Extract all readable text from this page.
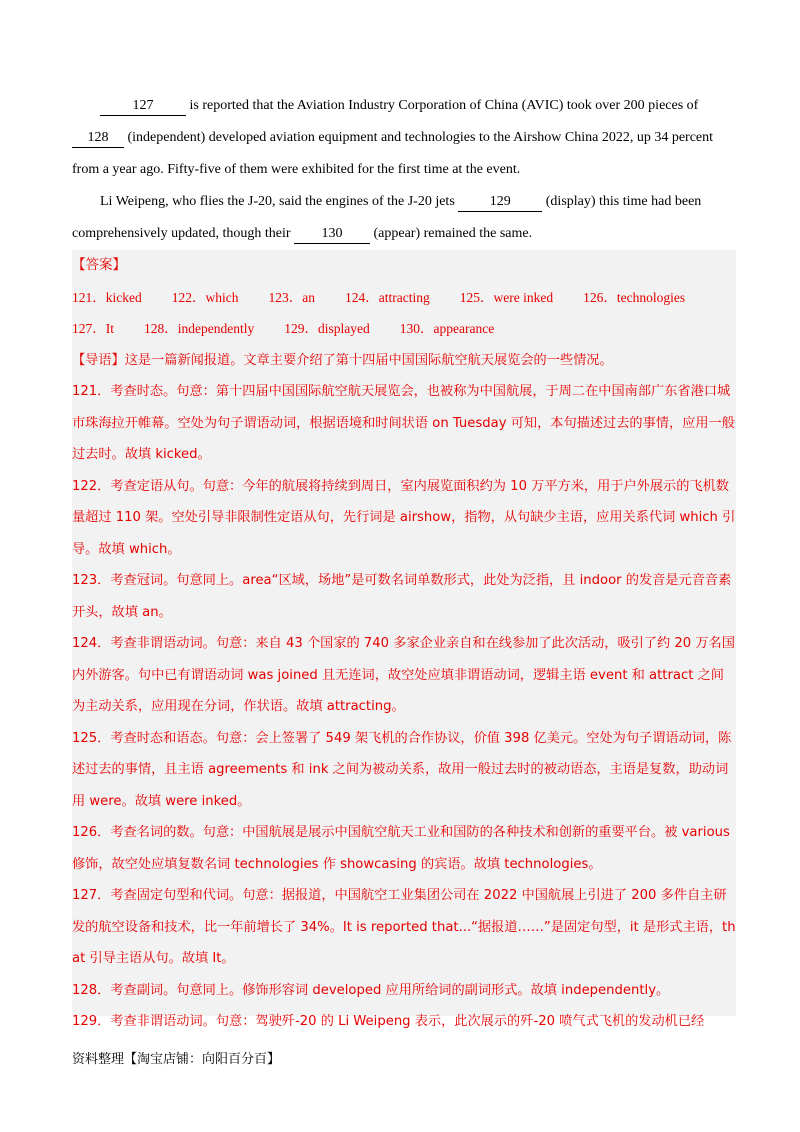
127 is reported that the Aviation Industry Corporation of China (AVIC) took over 200 pieces of 128 (independent) developed aviation equipment and technologies to the Airshow China 2022, up 34 percent from a year ago. Fifty-five of them were exhibited for the first time at the event.

Li Weipeng, who flies the J-20, said the engines of the J-20 jets 129 (display) this time had been comprehensively updated, though their 130 (appear) remained the same.

【答案】

121．kicked 122．which 123．an 124．attracting 125．were inked 126．technologies

127．It 128．independently 129．displayed 130．appearance

【导语】这是一篇新闻报道。文章主要介绍了第十四届中国国际航空航天展览会的一些情况。

121．考查时态。句意：第十四届中国国际航空航天展览会，也被称为中国航展，于周二在中国南部广东省港口城市珠海拉开帷幕。空处为句子谓语动词，根据语境和时间状语 on Tuesday 可知，本句描述过去的事情，应用一般过去时。故填 kicked。

122．考查定语从句。句意：今年的航展将持续到周日，室内展览面积约为 10 万平方米，用于户外展示的飞机数量超过 110 架。空处引导非限制性定语从句，先行词是 airshow，指物，从句缺少主语，应用关系代词 which 引导。故填 which。

123．考查冠词。句意同上。area“区域，场地”是可数名词单数形式，此处为泛指，且 indoor 的发音是元音音素开头，故填 an。

124．考查非谓语动词。句意：来自 43 个国家的 740 多家企业亲自和在线参加了此次活动，吸引了约 20 万名国内外游客。句中已有谓语动词 was joined 且无连词，故空处应填非谓语动词，逻辑主语 event 和 attract 之间为主动关系，应用现在分词，作状语。故填 attracting。

125．考查时态和语态。句意：会上签署了 549 架飞机的合作协议，价值 398 亿美元。空处为句子谓语动词，陈述过去的事情，且主语 agreements 和 ink 之间为被动关系，故用一般过去时的被动语态，主语是复数，助动词用 were。故填 were inked。

126．考查名词的数。句意：中国航展是展示中国航空航天工业和国防的各种技术和创新的重要平台。被 various 修饰，故空处应填复数名词 technologies 作 showcasing 的宾语。故填 technologies。

127．考查固定句型和代词。句意：据报道，中国航空工业集团公司在 2022 中国航展上引进了 200 多件自主研发的航空设备和技术，比一年前增长了 34%。It is reported that...“据报道……”是固定句型，it 是形式主语，that 引导主语从句。故填 It。

128．考查副词。句意同上。修饰形容词 developed 应用所给词的副词形式。故填 independently。

129．考查非谓语动词。句意：驾驶歼-20 的 Li Weipeng 表示，此次展示的歼-20 喷气式飞机的发动机已经

资料整理【淘宝店铺：向阳百分百】
